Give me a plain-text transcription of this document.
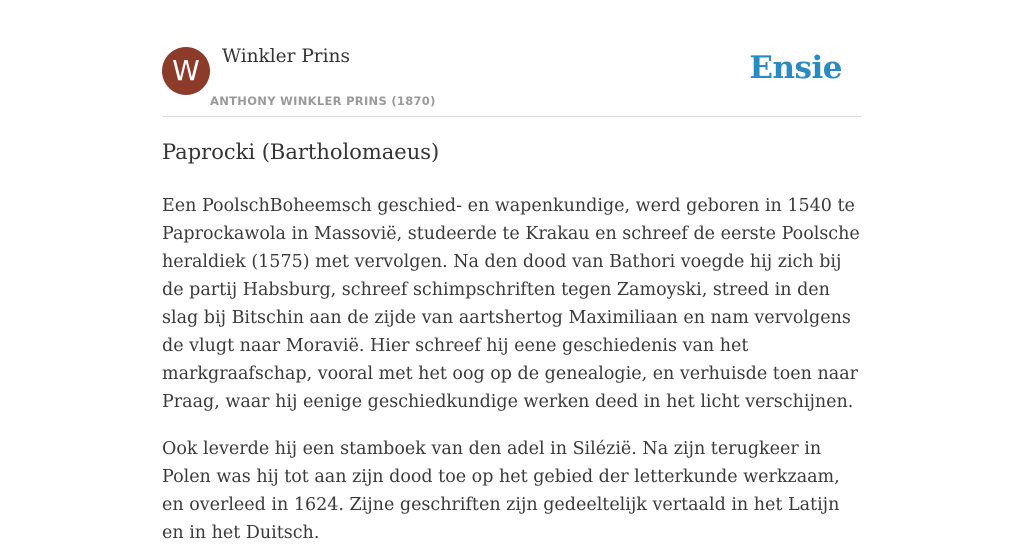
W	Winkler Prins
ANTHONY WINKLER PRINS (1870)
Ensie
Paprocki (Bartholomaeus)

Een PoolschBoheemsch geschied- en wapenkundige, werd geboren in 1540 te Paprockawola in Massovië, studeerde te Krakau en schreef de eerste Poolsche heraldiek (1575) met vervolgen. Na den dood van Bathori voegde hij zich bij de partij Habsburg, schreef schimpschriften tegen Zamoyski, streed in den slag bij Bitschin aan de zijde van aartshertog Maximiliaan en nam vervolgens de vlugt naar Moravië. Hier schreef hij eene geschiedenis van het markgraafschap, vooral met het oog op de genealogie, en verhuisde toen naar Praag, waar hij eenige geschiedkundige werken deed in het licht verschijnen.

Ook leverde hij een stamboek van den adel in Silézië. Na zijn terugkeer in Polen was hij tot aan zijn dood toe op het gebied der letterkunde werkzaam, en overleed in 1624. Zijne geschriften zijn gedeeltelijk vertaald in het Latijn en in het Duitsch.
